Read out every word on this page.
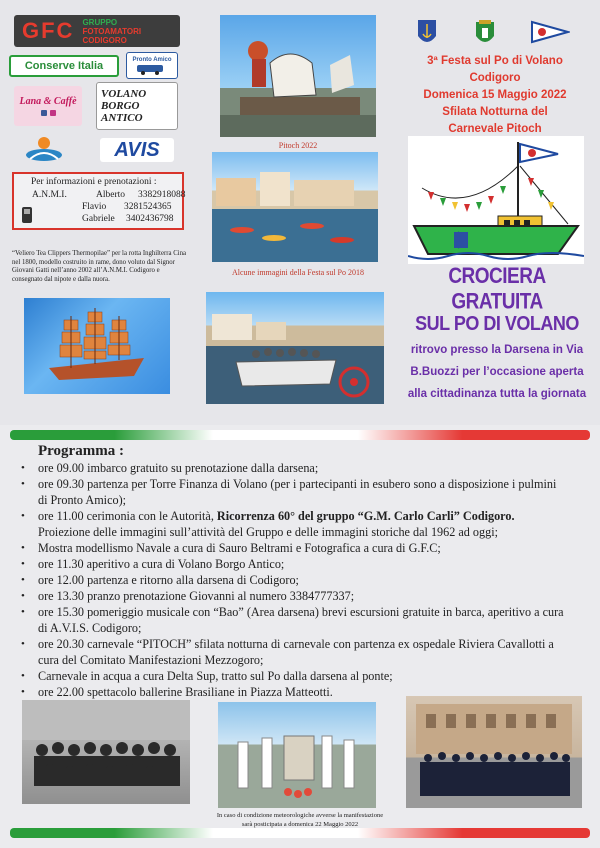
GFC GRUPPO
FOTOAMATORI
CODIGORO
Conserve Italia
Pronto Amico
Lana & Caffè
VOLANO
BORGO
ANTICO
AVIS
Per informazioni e prenotazioni :
A.N.M.I.	Alberto 3382918088
Flavio 3281524365
Gabriele 3402436798
“Veliero Tea Clippers Thermopilae” per la rotta Inghilterra Cina nel 1800, modello costruito in rame, dono voluto dal Signor Giovani Gatti nell’anno 2002 all’A.N.M.I. Codigoro e consegnato dal nipote e dalla nuora.
Pitoch 2022
Alcune immagini della Festa sul Po 2018
3ª Festa sul Po di Volano
Codigoro
Domenica 15 Maggio 2022
Sfilata Notturna del
Carnevale Pitoch
CROCIERA GRATUITA
SUL PO DI VOLANO
ritrovo presso la Darsena in Via
B.Buozzi per l’occasione aperta
alla cittadinanza tutta la giornata
Programma :
• ore 09.00 imbarco gratuito su prenotazione dalla darsena;
• ore 09.30 partenza per Torre Finanza di Volano (per i partecipanti in esubero sono a disposizione i pulmini di Pronto Amico);
• ore 11.00 cerimonia con le Autorità, Ricorrenza 60° del gruppo “G.M. Carlo Carli” Codigoro. Proiezione delle immagini sull’attività del Gruppo e delle immagini storiche dal 1962 ad oggi;
• Mostra modellismo Navale a cura di Sauro Beltrami e Fotografica a cura di G.F.C;
• ore 11.30 aperitivo a cura di Volano Borgo Antico;
• ore 12.00 partenza e ritorno alla darsena di Codigoro;
• ore 13.30 pranzo prenotazione Giovanni al numero 3384777337;
• ore 15.30 pomeriggio musicale con “Bao” (Area darsena) brevi escursioni gratuite in barca, aperitivo a cura di A.V.I.S. Codigoro;
• ore 20.30 carnevale “PITOCH” sfilata notturna di carnevale con partenza ex ospedale Riviera Cavallotti a cura del Comitato Manifestazioni Mezzogoro;
• Carnevale in acqua a cura Delta Sup, tratto sul Po dalla darsena al ponte;
• ore 22.00 spettacolo ballerine Brasiliane in Piazza Matteotti.
In caso di condizione meteorologiche avverse la manifestazione
sarà posticipata a domenica 22 Maggio 2022
